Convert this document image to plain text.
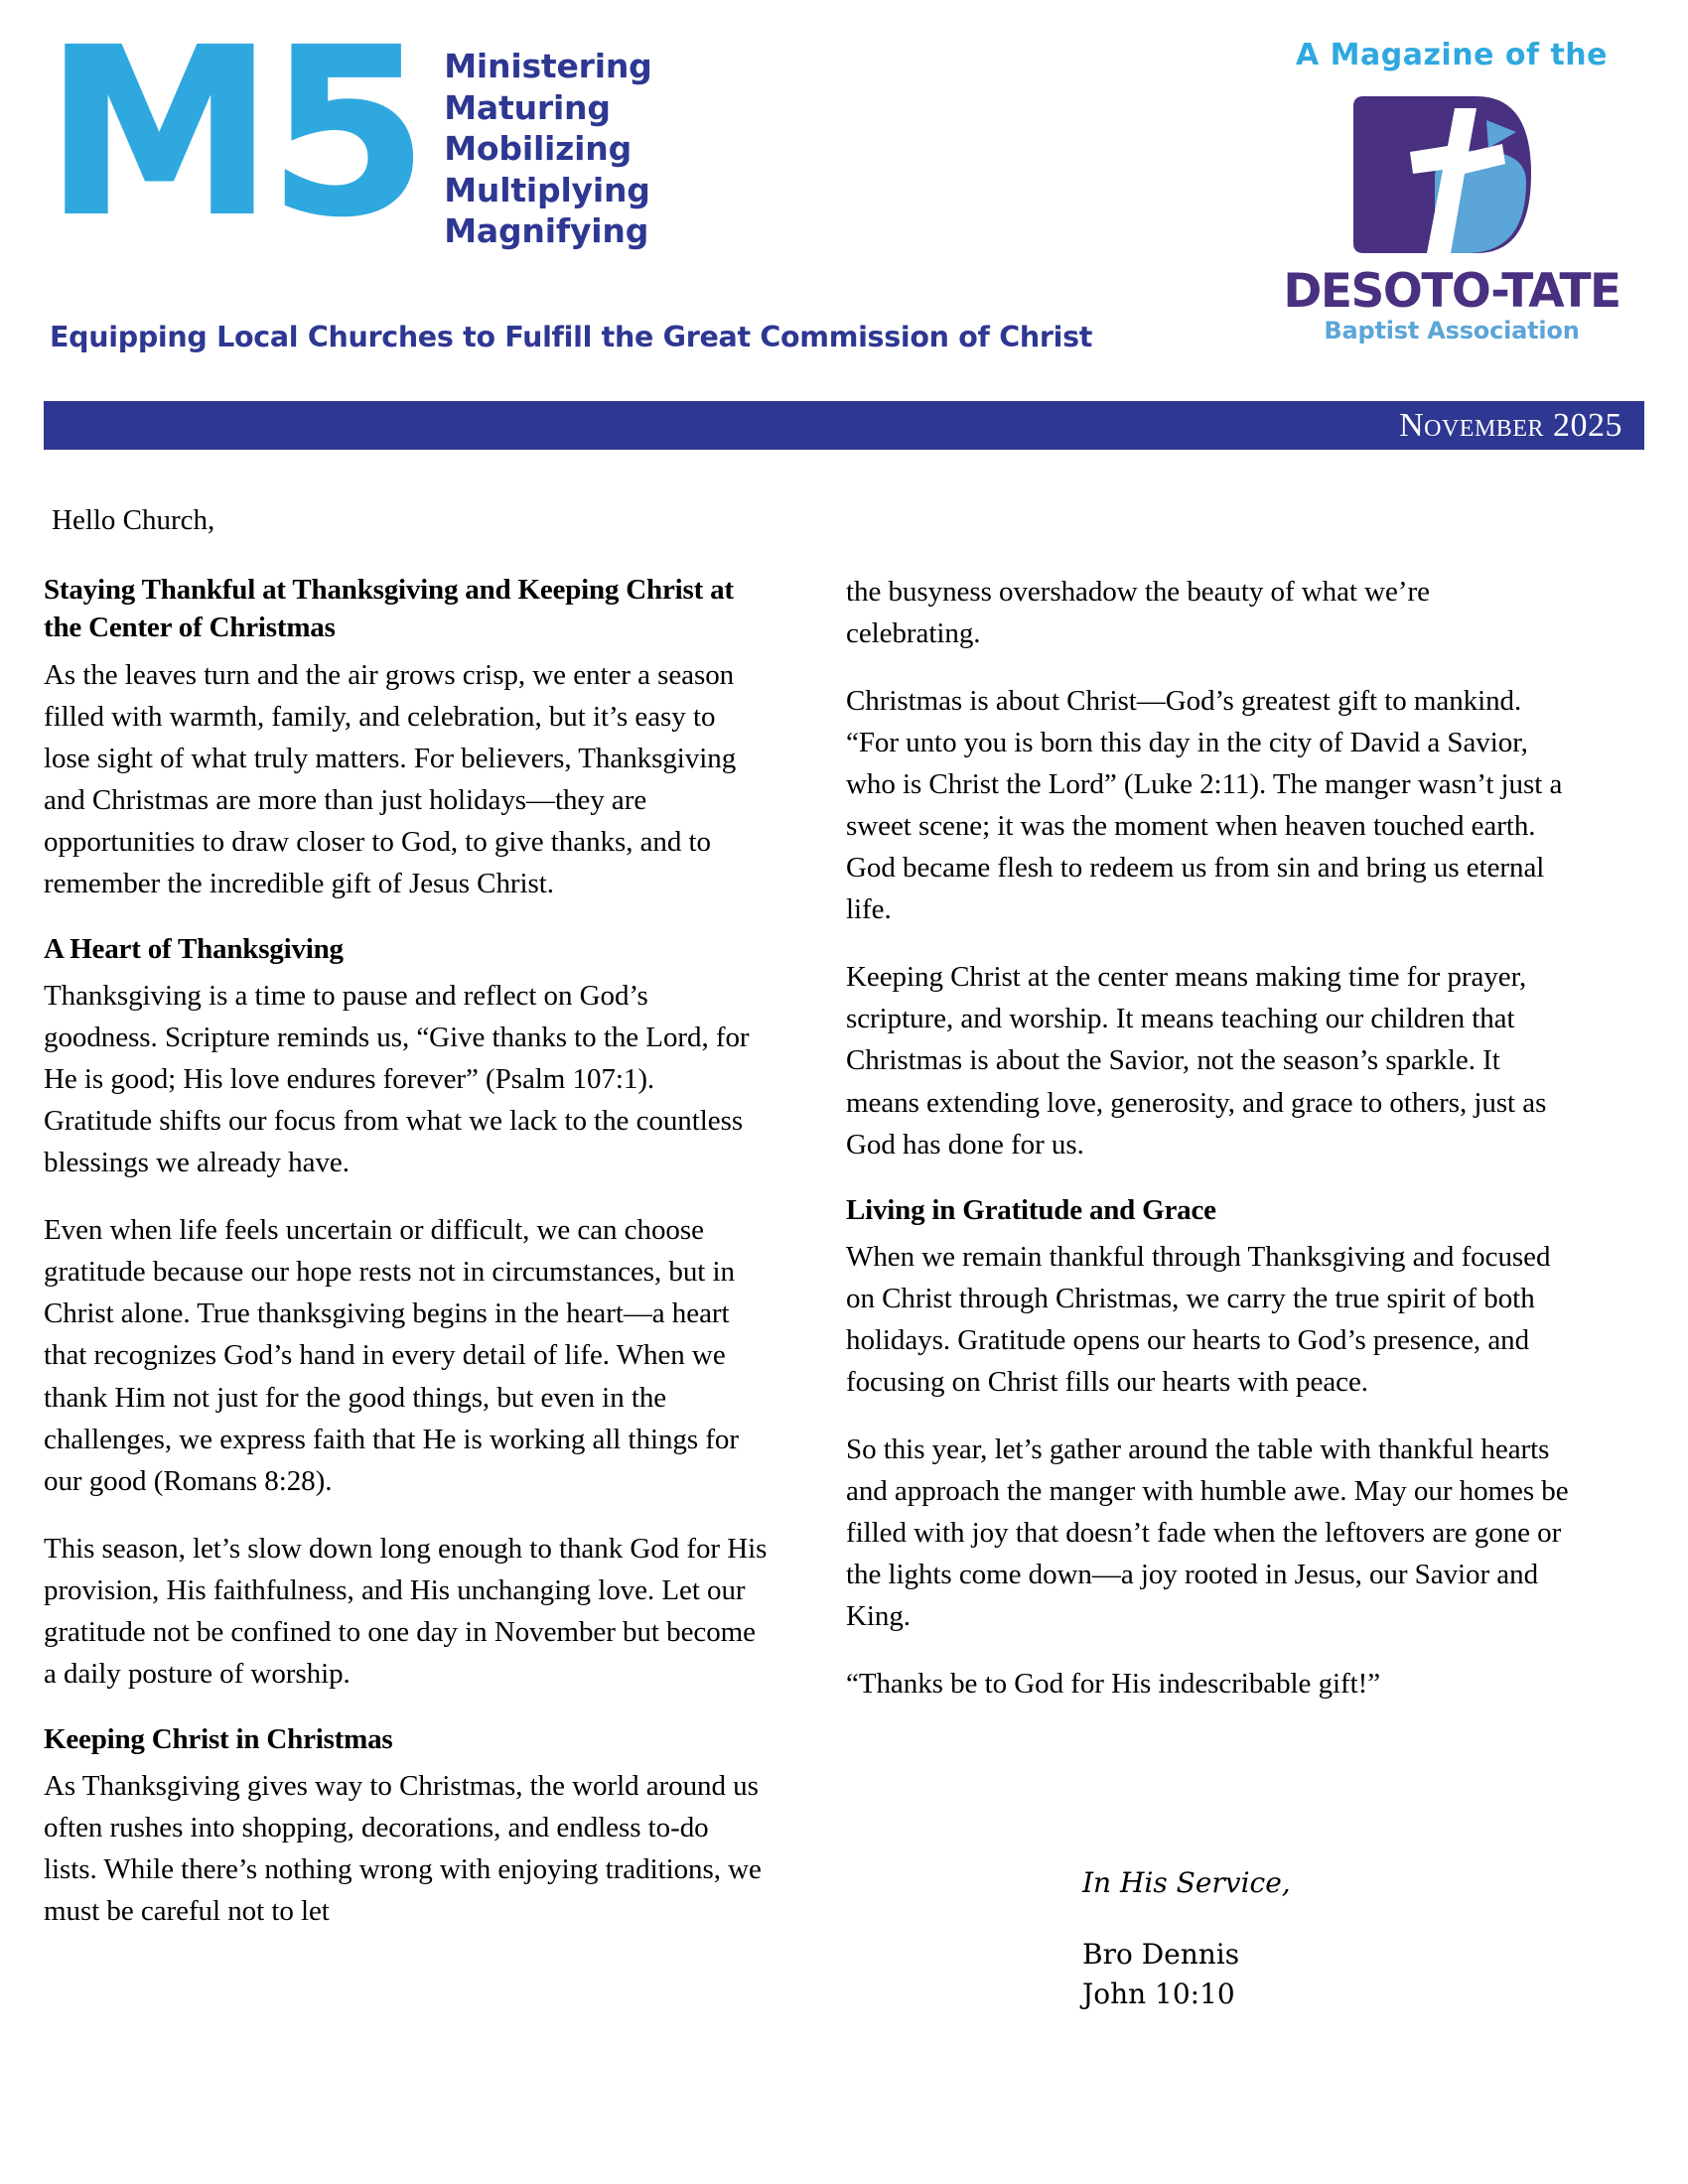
M5 Ministering
Maturing
Mobilizing
Multiplying
Magnifying
Equipping Local Churches to Fulfill the Great Commission of Christ
A Magazine of the
DESOTO-TATE
Baptist Association
November 2025
Hello Church,
Staying Thankful at Thanksgiving and Keeping Christ at the Center of Christmas

As the leaves turn and the air grows crisp, we enter a season filled with warmth, family, and celebration, but it’s easy to lose sight of what truly matters. For believers, Thanksgiving and Christmas are more than just holidays—they are opportunities to draw closer to God, to give thanks, and to remember the incredible gift of Jesus Christ.

A Heart of Thanksgiving

Thanksgiving is a time to pause and reflect on God’s goodness. Scripture reminds us, “Give thanks to the Lord, for He is good; His love endures forever” (Psalm 107:1). Gratitude shifts our focus from what we lack to the countless blessings we already have.

Even when life feels uncertain or difficult, we can choose gratitude because our hope rests not in circumstances, but in Christ alone. True thanksgiving begins in the heart—a heart that recognizes God’s hand in every detail of life. When we thank Him not just for the good things, but even in the challenges, we express faith that He is working all things for our good (Romans 8:28).

This season, let’s slow down long enough to thank God for His provision, His faithfulness, and His unchanging love. Let our gratitude not be confined to one day in November but become a daily posture of worship.

Keeping Christ in Christmas

As Thanksgiving gives way to Christmas, the world around us often rushes into shopping, decorations, and endless to-do lists. While there’s nothing wrong with enjoying traditions, we must be careful not to let

the busyness overshadow the beauty of what we’re celebrating.

Christmas is about Christ—God’s greatest gift to mankind. “For unto you is born this day in the city of David a Savior, who is Christ the Lord” (Luke 2:11). The manger wasn’t just a sweet scene; it was the moment when heaven touched earth. God became flesh to redeem us from sin and bring us eternal life.

Keeping Christ at the center means making time for prayer, scripture, and worship. It means teaching our children that Christmas is about the Savior, not the season’s sparkle. It means extending love, generosity, and grace to others, just as God has done for us.

Living in Gratitude and Grace

When we remain thankful through Thanksgiving and focused on Christ through Christmas, we carry the true spirit of both holidays. Gratitude opens our hearts to God’s presence, and focusing on Christ fills our hearts with peace.

So this year, let’s gather around the table with thankful hearts and approach the manger with humble awe. May our homes be filled with joy that doesn’t fade when the leftovers are gone or the lights come down—a joy rooted in Jesus, our Savior and King.

“Thanks be to God for His indescribable gift!”

In His Service,
Bro Dennis
John 10:10
